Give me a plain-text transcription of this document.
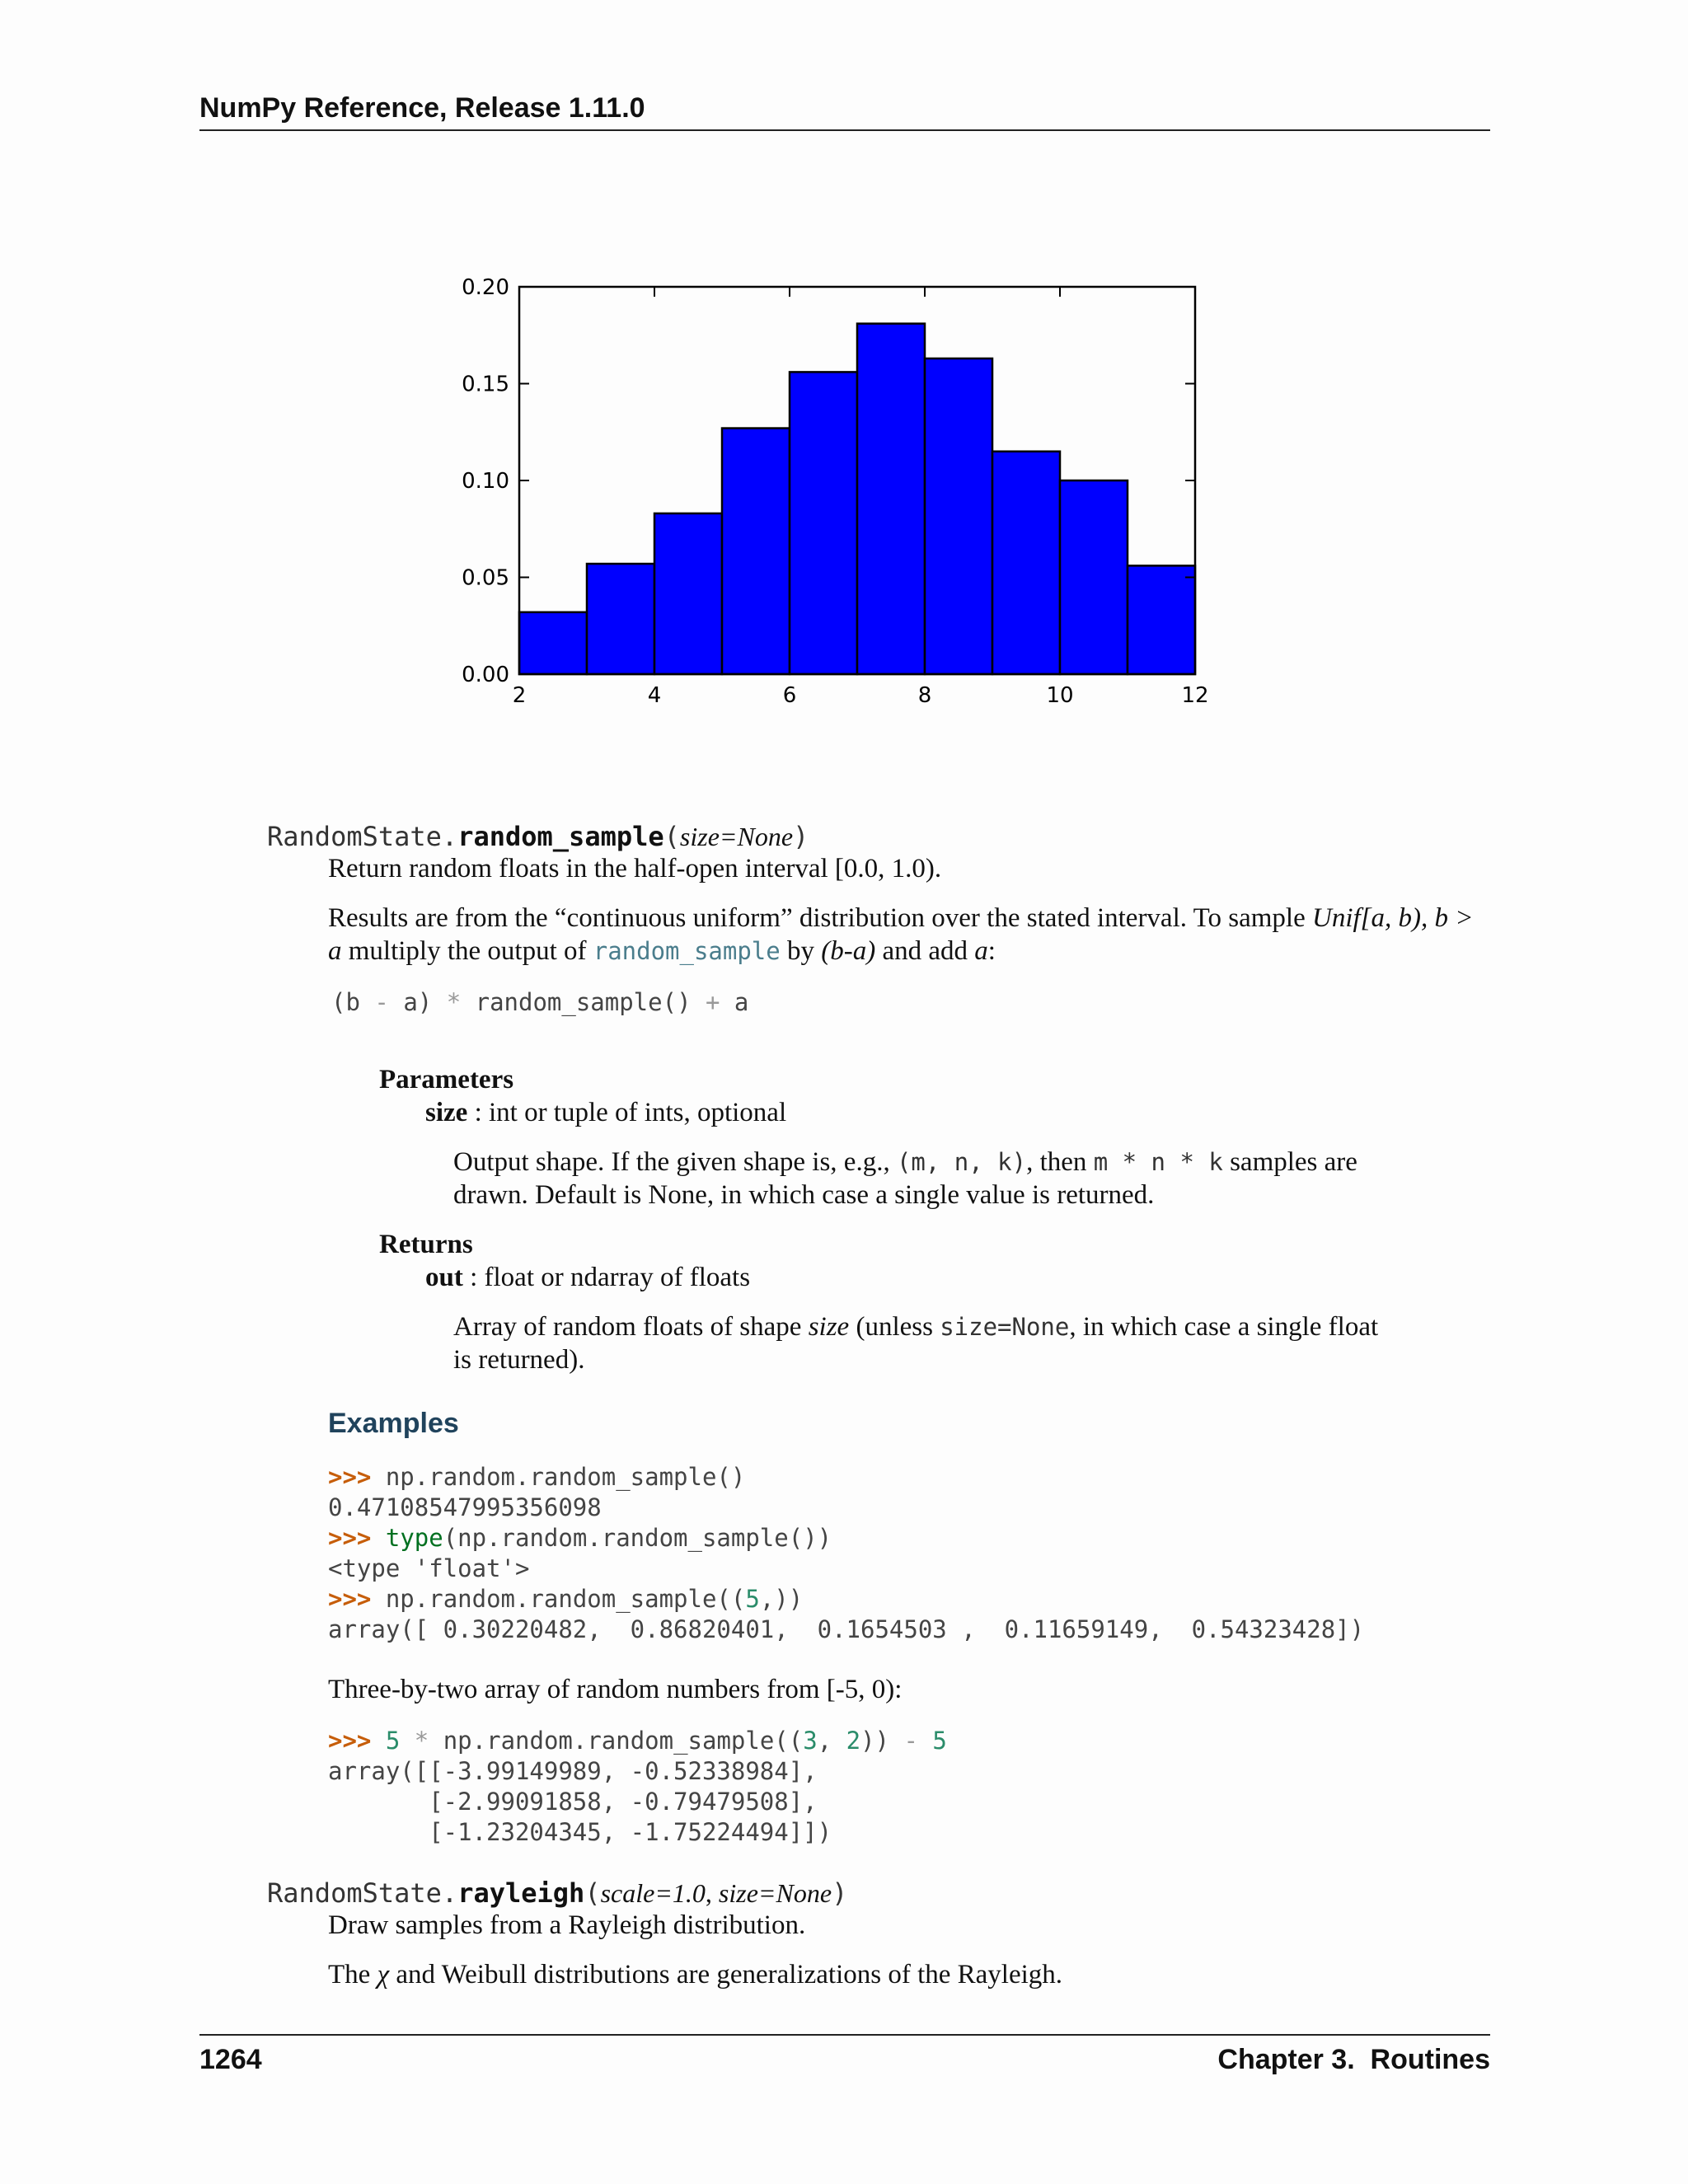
NumPy Reference, Release 1.11.0
0.00
0.05
0.10
0.15
0.20
2	4	6	8	10	12
RandomState.random_sample(size=None)
Return random floats in the half-open interval [0.0, 1.0).
Results are from the “continuous uniform” distribution over the stated interval. To sample Unif[a, b), b >
a multiply the output of random_sample by (b-a) and add a:
(b - a) * random_sample() + a
Parameters
size : int or tuple of ints, optional
Output shape. If the given shape is, e.g., (m, n, k), then m * n * k samples are
drawn. Default is None, in which case a single value is returned.
Returns
out : float or ndarray of floats
Array of random floats of shape size (unless size=None, in which case a single float
is returned).
Examples
>>> np.random.random_sample()
0.47108547995356098
>>> type(np.random.random_sample())
<type 'float'>
>>> np.random.random_sample((5,))
array([ 0.30220482,  0.86820401,  0.1654503 ,  0.11659149,  0.54323428])
Three-by-two array of random numbers from [-5, 0):
>>> 5 * np.random.random_sample((3, 2)) - 5
array([[-3.99149989, -0.52338984],
[-2.99091858, -0.79479508],
[-1.23204345, -1.75224494]])
RandomState.rayleigh(scale=1.0, size=None)
Draw samples from a Rayleigh distribution.
The χ and Weibull distributions are generalizations of the Rayleigh.
1264	Chapter 3.  Routines
